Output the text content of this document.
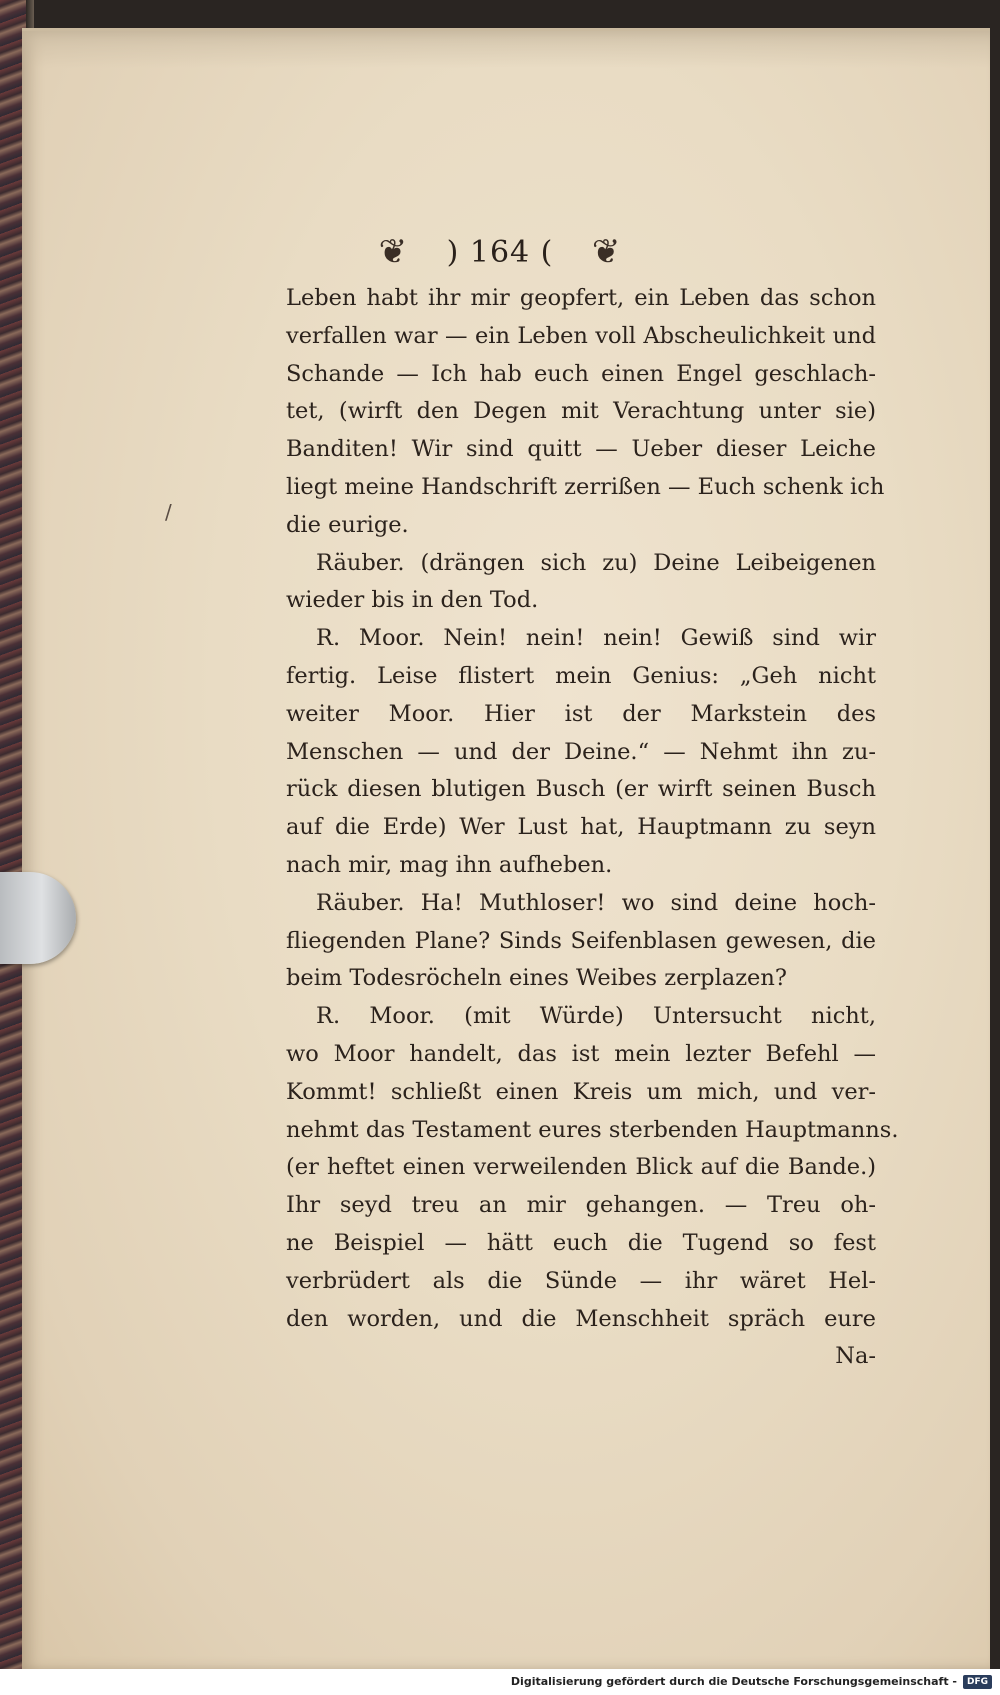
/
❦ ) 164 ( ❦
Leben habt ihr mir geopfert, ein Leben das schon
verfallen war — ein Leben voll Abscheulichkeit und
Schande — Ich hab euch einen Engel geschlach-
tet, (wirft den Degen mit Verachtung unter sie)
Banditen! Wir sind quitt — Ueber dieser Leiche
liegt meine Handschrift zerrißen — Euch schenk ich
die eurige.
Räuber. (drängen sich zu) Deine Leibeigenen
wieder bis in den Tod.
R. Moor. Nein! nein! nein! Gewiß sind wir
fertig. Leise flistert mein Genius: „Geh nicht
weiter Moor. Hier ist der Markstein des
Menschen — und der Deine.“ — Nehmt ihn zu-
rück diesen blutigen Busch (er wirft seinen Busch
auf die Erde) Wer Lust hat, Hauptmann zu seyn
nach mir, mag ihn aufheben.
Räuber. Ha! Muthloser! wo sind deine hoch-
fliegenden Plane? Sinds Seifenblasen gewesen, die
beim Todesröcheln eines Weibes zerplazen?
R. Moor. (mit Würde) Untersucht nicht,
wo Moor handelt, das ist mein lezter Befehl —
Kommt! schließt einen Kreis um mich, und ver-
nehmt das Testament eures sterbenden Hauptmanns.
(er heftet einen verweilenden Blick auf die Bande.)
Ihr seyd treu an mir gehangen. — Treu oh-
ne Beispiel — hätt euch die Tugend so fest
verbrüdert als die Sünde — ihr wäret Hel-
den worden, und die Menschheit spräch eure
Na-
Digitalisierung gefördert durch die Deutsche Forschungsgemeinschaft - DFG
